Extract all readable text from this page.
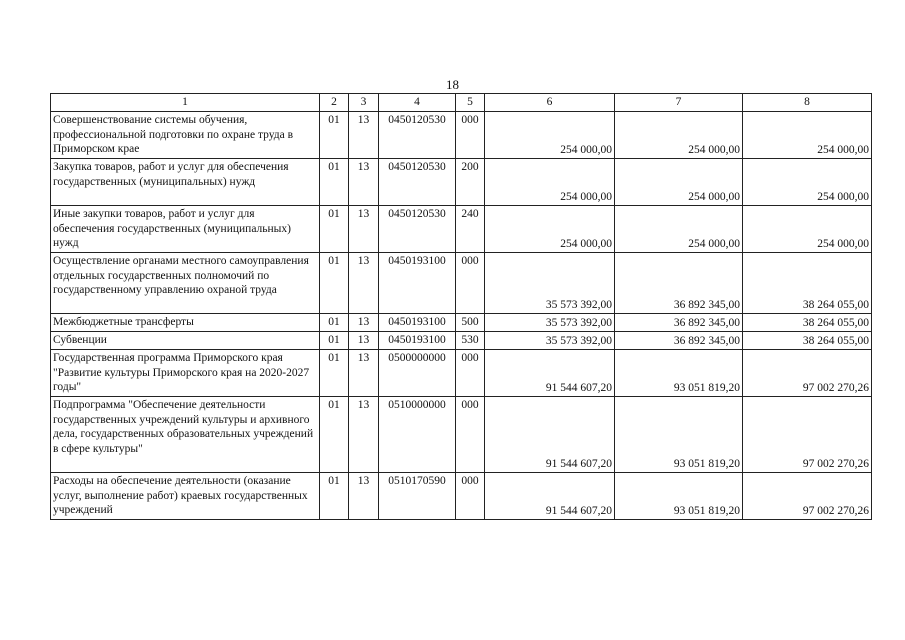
18
1	2	3	4	5	6	7	8
Совершенствование системы обучения, профессиональной подготовки по охране труда в Приморском крае	01	13	0450120530	000	254 000,00	254 000,00	254 000,00
Закупка товаров, работ и услуг для обеспечения государственных (муниципальных) нужд	01	13	0450120530	200	254 000,00	254 000,00	254 000,00
Иные закупки товаров, работ и услуг для обеспечения государственных (муниципальных) нужд	01	13	0450120530	240	254 000,00	254 000,00	254 000,00
Осуществление органами местного самоуправления отдельных государственных полномочий по государственному управлению охраной труда	01	13	0450193100	000	35 573 392,00	36 892 345,00	38 264 055,00
Межбюджетные трансферты	01	13	0450193100	500	35 573 392,00	36 892 345,00	38 264 055,00
Субвенции	01	13	0450193100	530	35 573 392,00	36 892 345,00	38 264 055,00
Государственная программа Приморского края "Развитие культуры Приморского края на 2020-2027 годы"	01	13	0500000000	000	91 544 607,20	93 051 819,20	97 002 270,26
Подпрограмма "Обеспечение деятельности государственных учреждений культуры и архивного дела, государственных образовательных учреждений в сфере культуры"	01	13	0510000000	000	91 544 607,20	93 051 819,20	97 002 270,26
Расходы на обеспечение деятельности (оказание услуг, выполнение работ) краевых государственных учреждений	01	13	0510170590	000	91 544 607,20	93 051 819,20	97 002 270,26
